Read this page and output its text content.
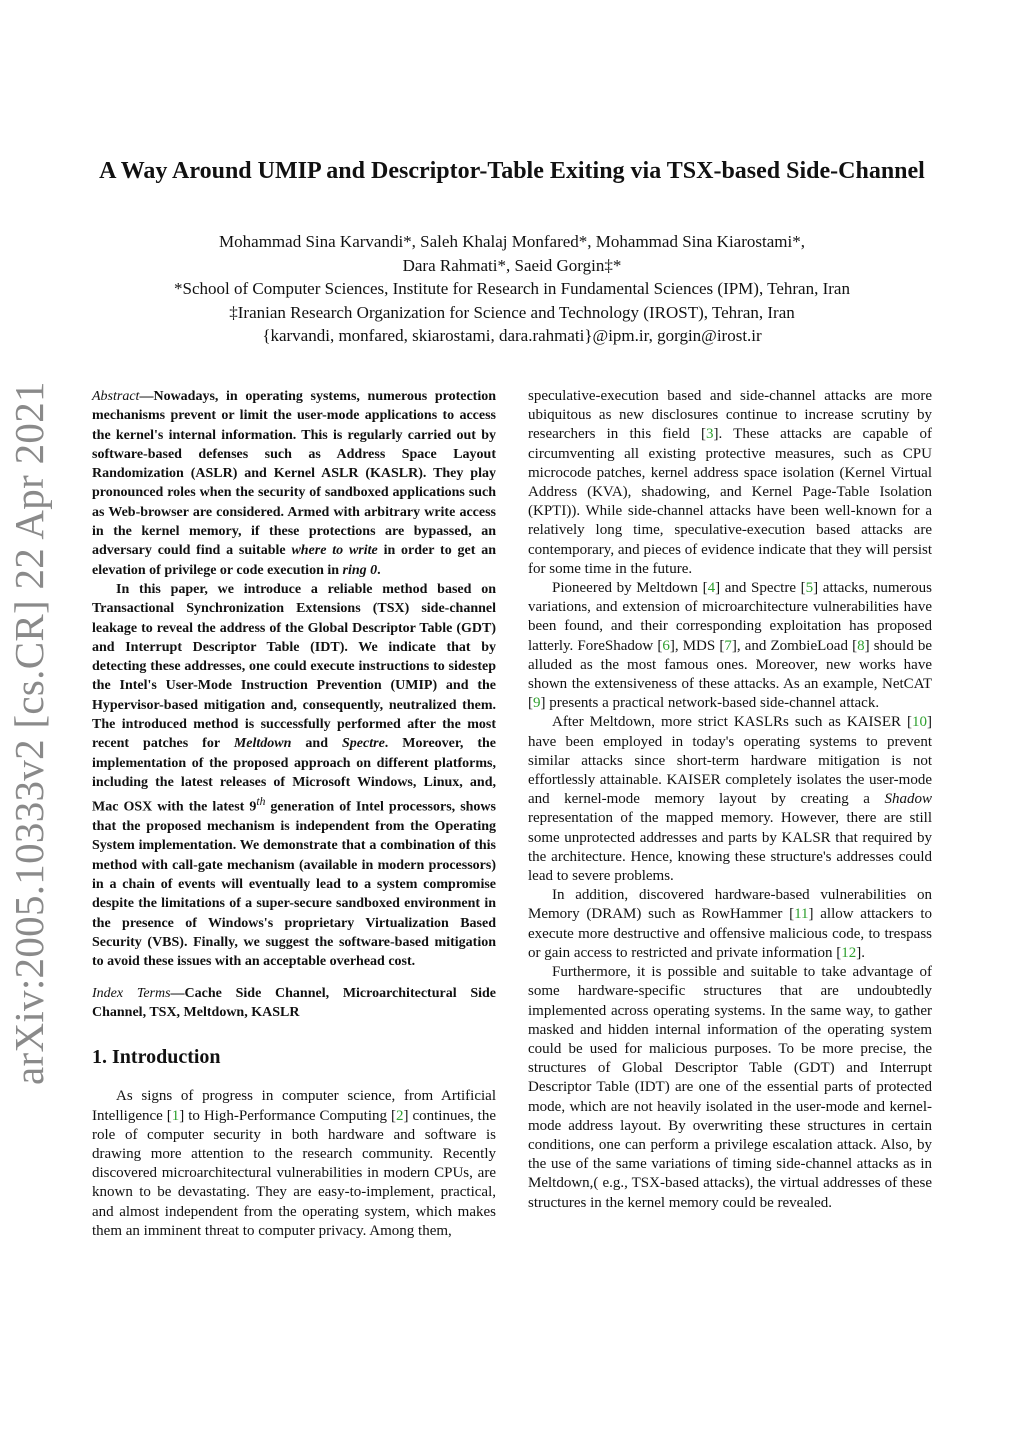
arXiv:2005.10333v2 [cs.CR] 22 Apr 2021
A Way Around UMIP and Descriptor-Table Exiting via TSX-based Side-Channel
Mohammad Sina Karvandi*, Saleh Khalaj Monfared*, Mohammad Sina Kiarostami*,
Dara Rahmati*, Saeid Gorgin‡*
*School of Computer Sciences, Institute for Research in Fundamental Sciences (IPM), Tehran, Iran
‡Iranian Research Organization for Science and Technology (IROST), Tehran, Iran
{karvandi, monfared, skiarostami, dara.rahmati}@ipm.ir, gorgin@irost.ir

Abstract—Nowadays, in operating systems, numerous protection mechanisms prevent or limit the user-mode applications to access the kernel's internal information. This is regularly carried out by software-based defenses such as Address Space Layout Randomization (ASLR) and Kernel ASLR (KASLR). They play pronounced roles when the security of sandboxed applications such as Web-browser are considered. Armed with arbitrary write access in the kernel memory, if these protections are bypassed, an adversary could find a suitable where to write in order to get an elevation of privilege or code execution in ring 0.

In this paper, we introduce a reliable method based on Transactional Synchronization Extensions (TSX) side-channel leakage to reveal the address of the Global Descriptor Table (GDT) and Interrupt Descriptor Table (IDT). We indicate that by detecting these addresses, one could execute instructions to sidestep the Intel's User-Mode Instruction Prevention (UMIP) and the Hypervisor-based mitigation and, consequently, neutralized them. The introduced method is successfully performed after the most recent patches for Meltdown and Spectre. Moreover, the implementation of the proposed approach on different platforms, including the latest releases of Microsoft Windows, Linux, and, Mac OSX with the latest 9th generation of Intel processors, shows that the proposed mechanism is independent from the Operating System implementation. We demonstrate that a combination of this method with call-gate mechanism (available in modern processors) in a chain of events will eventually lead to a system compromise despite the limitations of a super-secure sandboxed environment in the presence of Windows's proprietary Virtualization Based Security (VBS). Finally, we suggest the software-based mitigation to avoid these issues with an acceptable overhead cost.

Index Terms—Cache Side Channel, Microarchitectural Side Channel, TSX, Meltdown, KASLR

1. Introduction

As signs of progress in computer science, from Artificial Intelligence [1] to High-Performance Computing [2] continues, the role of computer security in both hardware and software is drawing more attention to the research community. Recently discovered microarchitectural vulnerabilities in modern CPUs, are known to be devastating. They are easy-to-implement, practical, and almost independent from the operating system, which makes them an imminent threat to computer privacy. Among them,

speculative-execution based and side-channel attacks are more ubiquitous as new disclosures continue to increase scrutiny by researchers in this field [3]. These attacks are capable of circumventing all existing protective measures, such as CPU microcode patches, kernel address space isolation (Kernel Virtual Address (KVA), shadowing, and Kernel Page-Table Isolation (KPTI)). While side-channel attacks have been well-known for a relatively long time, speculative-execution based attacks are contemporary, and pieces of evidence indicate that they will persist for some time in the future.

Pioneered by Meltdown [4] and Spectre [5] attacks, numerous variations, and extension of microarchitecture vulnerabilities have been found, and their corresponding exploitation has proposed latterly. ForeShadow [6], MDS [7], and ZombieLoad [8] should be alluded as the most famous ones. Moreover, new works have shown the extensiveness of these attacks. As an example, NetCAT [9] presents a practical network-based side-channel attack.

After Meltdown, more strict KASLRs such as KAISER [10] have been employed in today's operating systems to prevent similar attacks since short-term hardware mitigation is not effortlessly attainable. KAISER completely isolates the user-mode and kernel-mode memory layout by creating a Shadow representation of the mapped memory. However, there are still some unprotected addresses and parts by KALSR that required by the architecture. Hence, knowing these structure's addresses could lead to severe problems.

In addition, discovered hardware-based vulnerabilities on Memory (DRAM) such as RowHammer [11] allow attackers to execute more destructive and offensive malicious code, to trespass or gain access to restricted and private information [12].

Furthermore, it is possible and suitable to take advantage of some hardware-specific structures that are undoubtedly implemented across operating systems. In the same way, to gather masked and hidden internal information of the operating system could be used for malicious purposes. To be more precise, the structures of Global Descriptor Table (GDT) and Interrupt Descriptor Table (IDT) are one of the essential parts of protected mode, which are not heavily isolated in the user-mode and kernel-mode address layout. By overwriting these structures in certain conditions, one can perform a privilege escalation attack. Also, by the use of the same variations of timing side-channel attacks as in Meltdown,( e.g., TSX-based attacks), the virtual addresses of these structures in the kernel memory could be revealed.
